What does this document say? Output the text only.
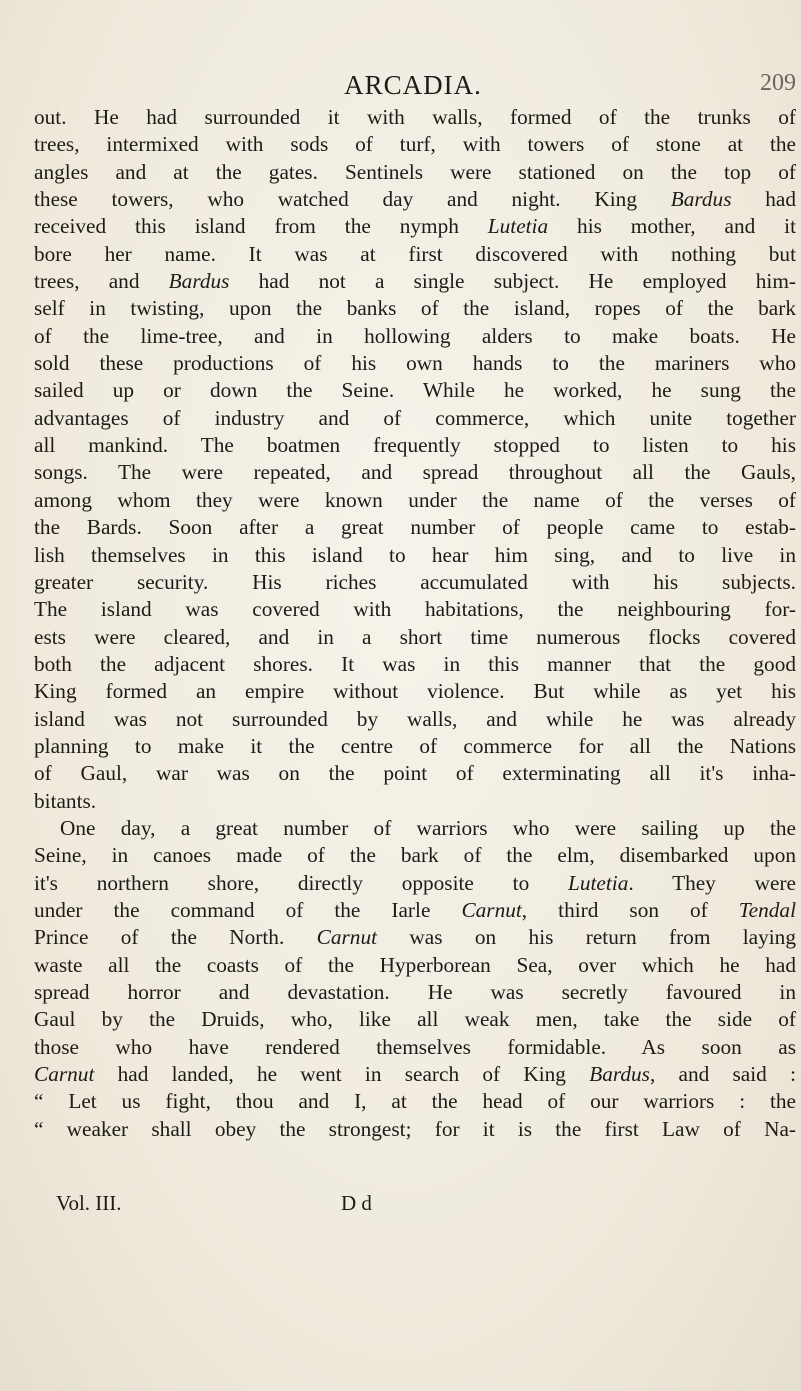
ARCADIA.	209
out. He had surrounded it with walls, formed of the trunks of
trees, intermixed with sods of turf, with towers of stone at the
angles and at the gates. Sentinels were stationed on the top of
these towers, who watched day and night. King Bardus had
received this island from the nymph Lutetia his mother, and it
bore her name. It was at first discovered with nothing but
trees, and Bardus had not a single subject. He employed him-
self in twisting, upon the banks of the island, ropes of the bark
of the lime-tree, and in hollowing alders to make boats. He
sold these productions of his own hands to the mariners who
sailed up or down the Seine. While he worked, he sung the
advantages of industry and of commerce, which unite together
all mankind. The boatmen frequently stopped to listen to his
songs. The were repeated, and spread throughout all the Gauls,
among whom they were known under the name of the verses of
the Bards. Soon after a great number of people came to estab-
lish themselves in this island to hear him sing, and to live in
greater security. His riches accumulated with his subjects.
The island was covered with habitations, the neighbouring for-
ests were cleared, and in a short time numerous flocks covered
both the adjacent shores. It was in this manner that the good
King formed an empire without violence. But while as yet his
island was not surrounded by walls, and while he was already
planning to make it the centre of commerce for all the Nations
of Gaul, war was on the point of exterminating all it's inha-
bitants.
One day, a great number of warriors who were sailing up the
Seine, in canoes made of the bark of the elm, disembarked upon
it's northern shore, directly opposite to Lutetia. They were
under the command of the Iarle Carnut, third son of Tendal
Prince of the North. Carnut was on his return from laying
waste all the coasts of the Hyperborean Sea, over which he had
spread horror and devastation. He was secretly favoured in
Gaul by the Druids, who, like all weak men, take the side of
those who have rendered themselves formidable. As soon as
Carnut had landed, he went in search of King Bardus, and said :
“ Let us fight, thou and I, at the head of our warriors : the
“ weaker shall obey the strongest; for it is the first Law of Na-
Vol. III.	D d
